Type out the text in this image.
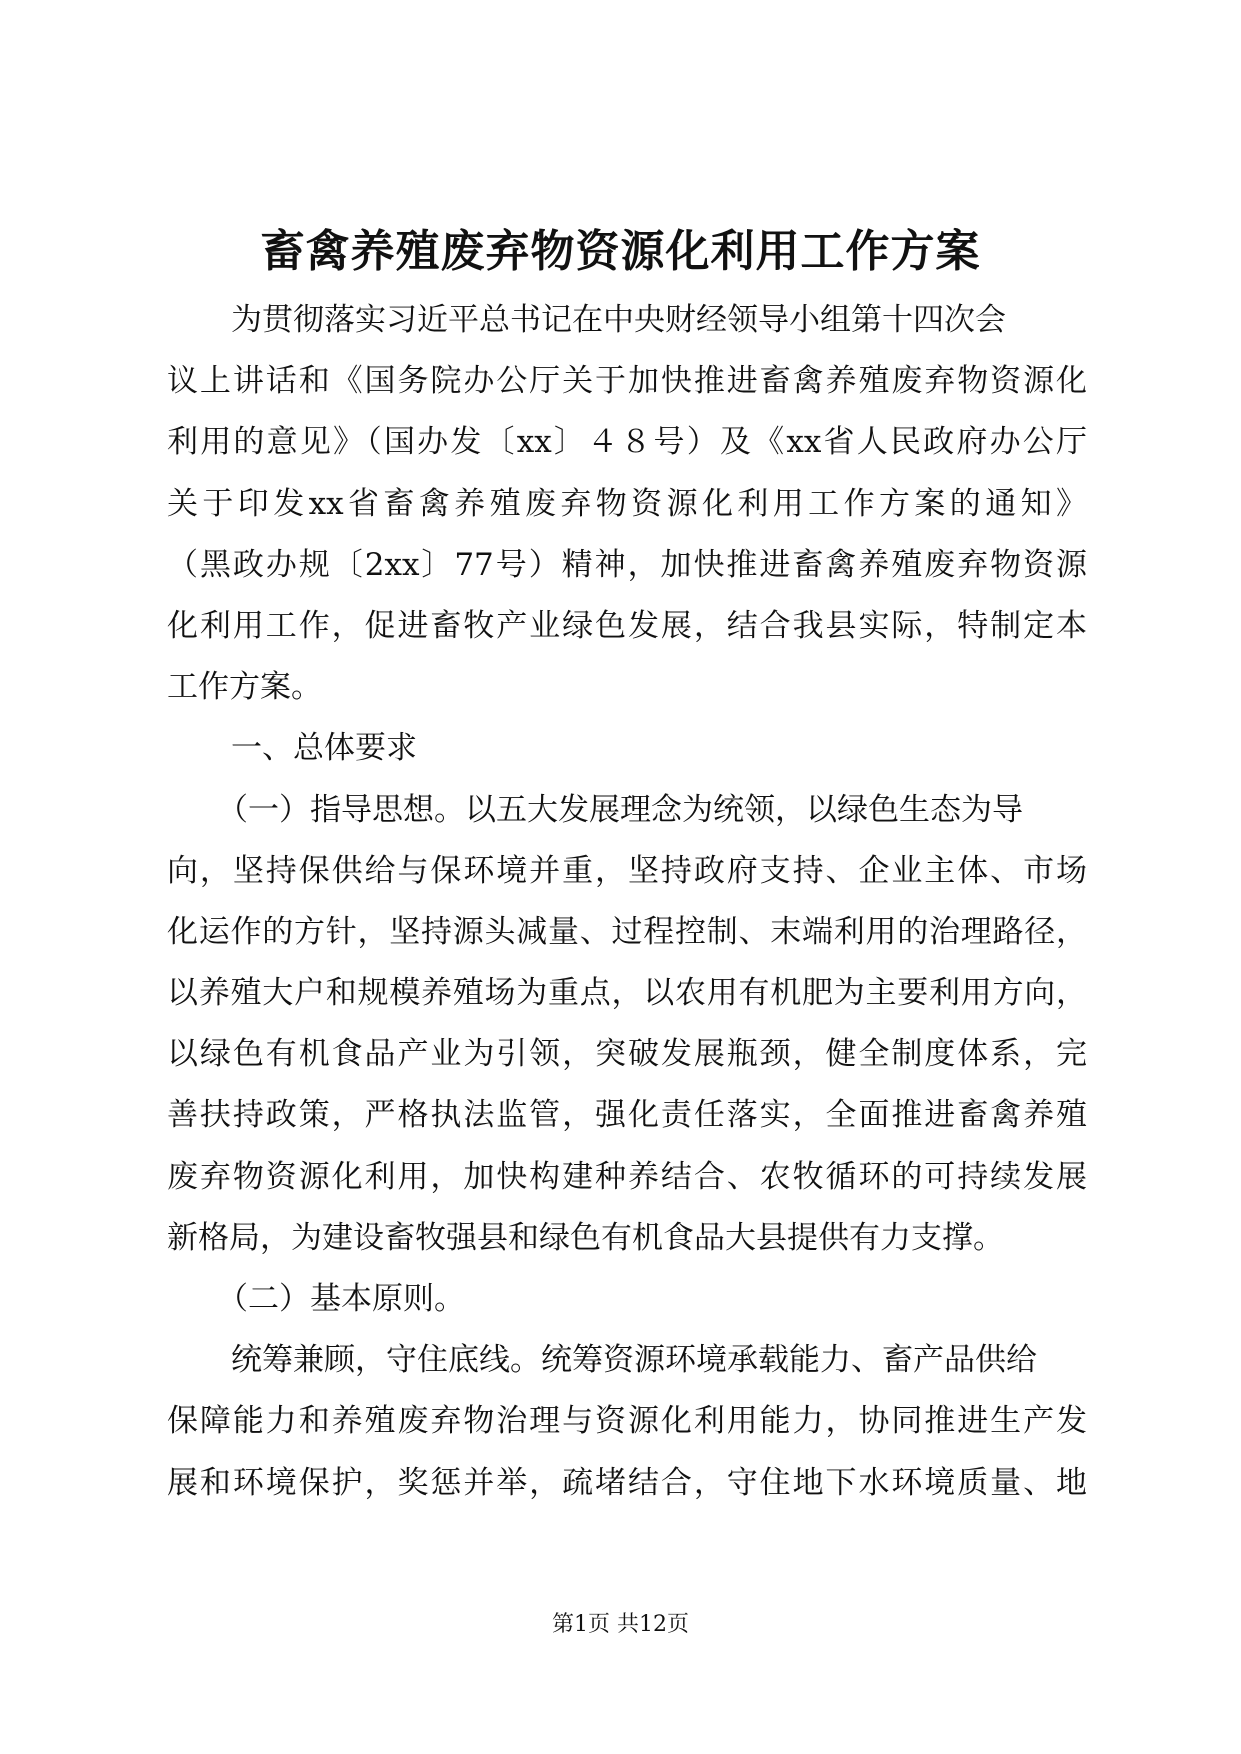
畜禽养殖废弃物资源化利用工作方案
为贯彻落实习近平总书记在中央财经领导小组第十四次会
议上讲话和《国务院办公厅关于加快推进畜禽养殖废弃物资源化
利用的意见》（国办发〔xx〕４８号）及《xx省人民政府办公厅
关于印发xx省畜禽养殖废弃物资源化利用工作方案的通知》
（黑政办规〔2xx〕77号）精神，加快推进畜禽养殖废弃物资源
化利用工作，促进畜牧产业绿色发展，结合我县实际，特制定本
工作方案。
一、总体要求
（一）指导思想。以五大发展理念为统领，以绿色生态为导
向，坚持保供给与保环境并重，坚持政府支持、企业主体、市场
化运作的方针，坚持源头减量、过程控制、末端利用的治理路径，
以养殖大户和规模养殖场为重点，以农用有机肥为主要利用方向，
以绿色有机食品产业为引领，突破发展瓶颈，健全制度体系，完
善扶持政策，严格执法监管，强化责任落实，全面推进畜禽养殖
废弃物资源化利用，加快构建种养结合、农牧循环的可持续发展
新格局，为建设畜牧强县和绿色有机食品大县提供有力支撑。
（二）基本原则。
统筹兼顾，守住底线。统筹资源环境承载能力、畜产品供给
保障能力和养殖废弃物治理与资源化利用能力，协同推进生产发
展和环境保护，奖惩并举，疏堵结合，守住地下水环境质量、地
第1页 共12页
